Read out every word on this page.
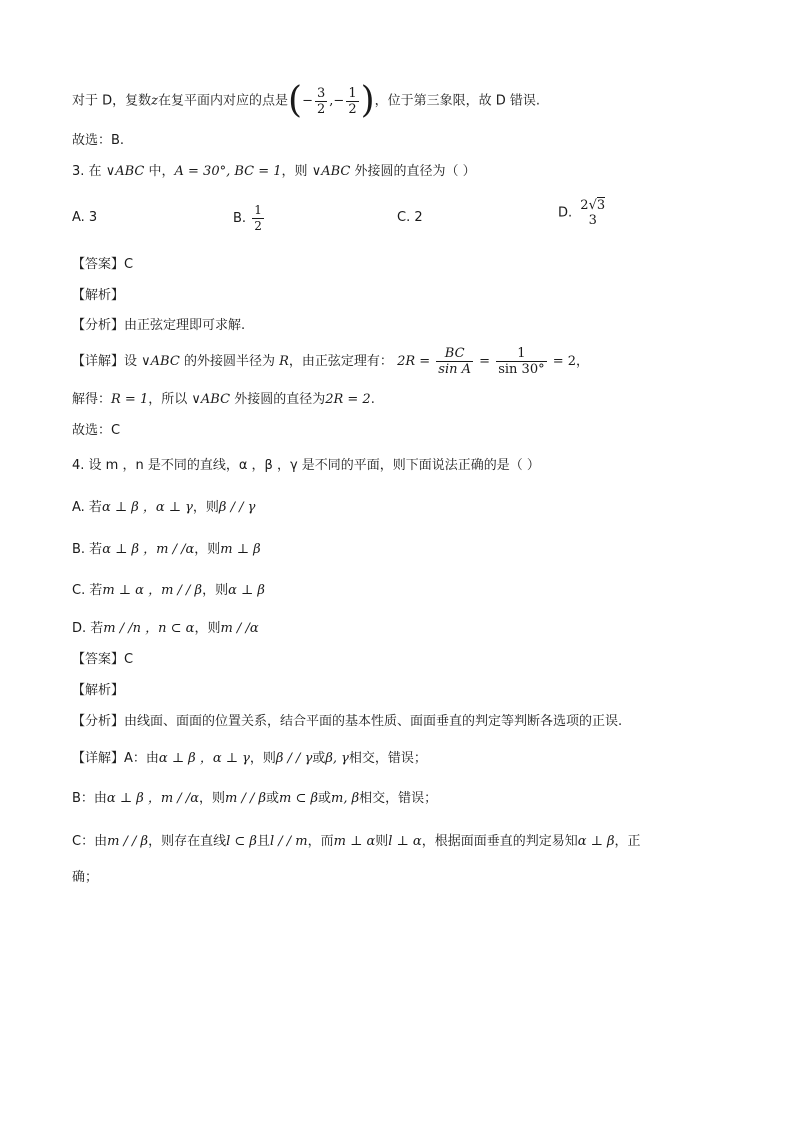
对于 D，复数z在复平面内对应的点是(− $\frac{3}{2}$ ,− $\frac{1}{2}$ )，位于第三象限，故 D 错误.
故选：B.
3. 在 ∨ABC 中，A = 30°, BC = 1，则 ∨ABC 外接圆的直径为（ ）
A. 3	B. $\frac{1}{2}$	C. 2	D. 2√3
3
【答案】C
【解析】
【分析】由正弦定理即可求解.
【详解】设 ∨ABC 的外接圆半径为 R，由正弦定理有： $2R = \frac{BC}{\text{sin A}} = \frac{1}{\sin 30^\circ} = 2$，
解得：R = 1，所以 ∨ABC 外接圆的直径为2R = 2.
故选：C
4. 设 m ，n 是不同的直线，α ，β ，γ 是不同的平面，则下面说法正确的是（ ）
A. 若α ⊥ β ，α ⊥ γ，则β / / γ
B. 若α ⊥ β ，m / /α，则m ⊥ β
C. 若m ⊥ α ，m / / β，则α ⊥ β
D. 若m / /n ，n ⊂ α，则m / /α
【答案】C
【解析】
【分析】由线面、面面的位置关系，结合平面的基本性质、面面垂直的判定等判断各选项的正误.
【详解】A：由α ⊥ β ，α ⊥ γ，则β / / γ或β, γ相交，错误；
B：由α ⊥ β ，m / /α，则m / / β或m ⊂ β或m, β相交，错误；
C：由m / / β，则存在直线l ⊂ β且l / / m，而m ⊥ α则l ⊥ α，根据面面垂直的判定易知α ⊥ β，正
确；
